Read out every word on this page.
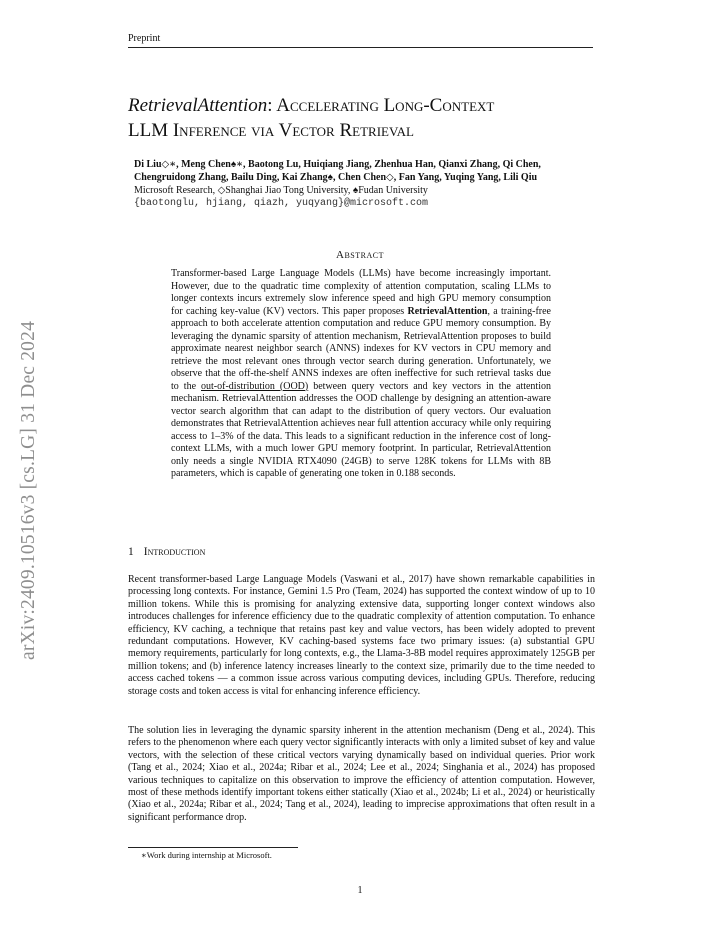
Preprint
arXiv:2409.10516v3 [cs.LG] 31 Dec 2024
RetrievalAttention: Accelerating Long-Context
LLM Inference via Vector Retrieval
Di Liu◇∗, Meng Chen♠∗, Baotong Lu, Huiqiang Jiang, Zhenhua Han, Qianxi Zhang, Qi Chen,
Chengruidong Zhang, Bailu Ding, Kai Zhang♠, Chen Chen◇, Fan Yang, Yuqing Yang, Lili Qiu
Microsoft Research, ◇Shanghai Jiao Tong University, ♠Fudan University
{baotonglu, hjiang, qiazh, yuqyang}@microsoft.com
Abstract
Transformer-based Large Language Models (LLMs) have become increasingly important. However, due to the quadratic time complexity of attention computation, scaling LLMs to longer contexts incurs extremely slow inference speed and high GPU memory consumption for caching key-value (KV) vectors. This paper proposes RetrievalAttention, a training-free approach to both accelerate attention computation and reduce GPU memory consumption. By leveraging the dynamic sparsity of attention mechanism, RetrievalAttention proposes to build approximate nearest neighbor search (ANNS) indexes for KV vectors in CPU memory and retrieve the most relevant ones through vector search during generation. Unfortunately, we observe that the off-the-shelf ANNS indexes are often ineffective for such retrieval tasks due to the out-of-distribution (OOD) between query vectors and key vectors in the attention mechanism. RetrievalAttention addresses the OOD challenge by designing an attention-aware vector search algorithm that can adapt to the distribution of query vectors. Our evaluation demonstrates that RetrievalAttention achieves near full attention accuracy while only requiring access to 1–3% of the data. This leads to a significant reduction in the inference cost of long-context LLMs, with a much lower GPU memory footprint. In particular, RetrievalAttention only needs a single NVIDIA RTX4090 (24GB) to serve 128K tokens for LLMs with 8B parameters, which is capable of generating one token in 0.188 seconds.
1 Introduction
Recent transformer-based Large Language Models (Vaswani et al., 2017) have shown remarkable capabilities in processing long contexts. For instance, Gemini 1.5 Pro (Team, 2024) has supported the context window of up to 10 million tokens. While this is promising for analyzing extensive data, supporting longer context windows also introduces challenges for inference efficiency due to the quadratic complexity of attention computation. To enhance efficiency, KV caching, a technique that retains past key and value vectors, has been widely adopted to prevent redundant computations. However, KV caching-based systems face two primary issues: (a) substantial GPU memory requirements, particularly for long contexts, e.g., the Llama-3-8B model requires approximately 125GB per million tokens; and (b) inference latency increases linearly to the context size, primarily due to the time needed to access cached tokens — a common issue across various computing devices, including GPUs. Therefore, reducing storage costs and token access is vital for enhancing inference efficiency.
The solution lies in leveraging the dynamic sparsity inherent in the attention mechanism (Deng et al., 2024). This refers to the phenomenon where each query vector significantly interacts with only a limited subset of key and value vectors, with the selection of these critical vectors varying dynamically based on individual queries. Prior work (Tang et al., 2024; Xiao et al., 2024a; Ribar et al., 2024; Lee et al., 2024; Singhania et al., 2024) has proposed various techniques to capitalize on this observation to improve the efficiency of attention computation. However, most of these methods identify important tokens either statically (Xiao et al., 2024b; Li et al., 2024) or heuristically (Xiao et al., 2024a; Ribar et al., 2024; Tang et al., 2024), leading to imprecise approximations that often result in a significant performance drop.
∗Work during internship at Microsoft.
1
